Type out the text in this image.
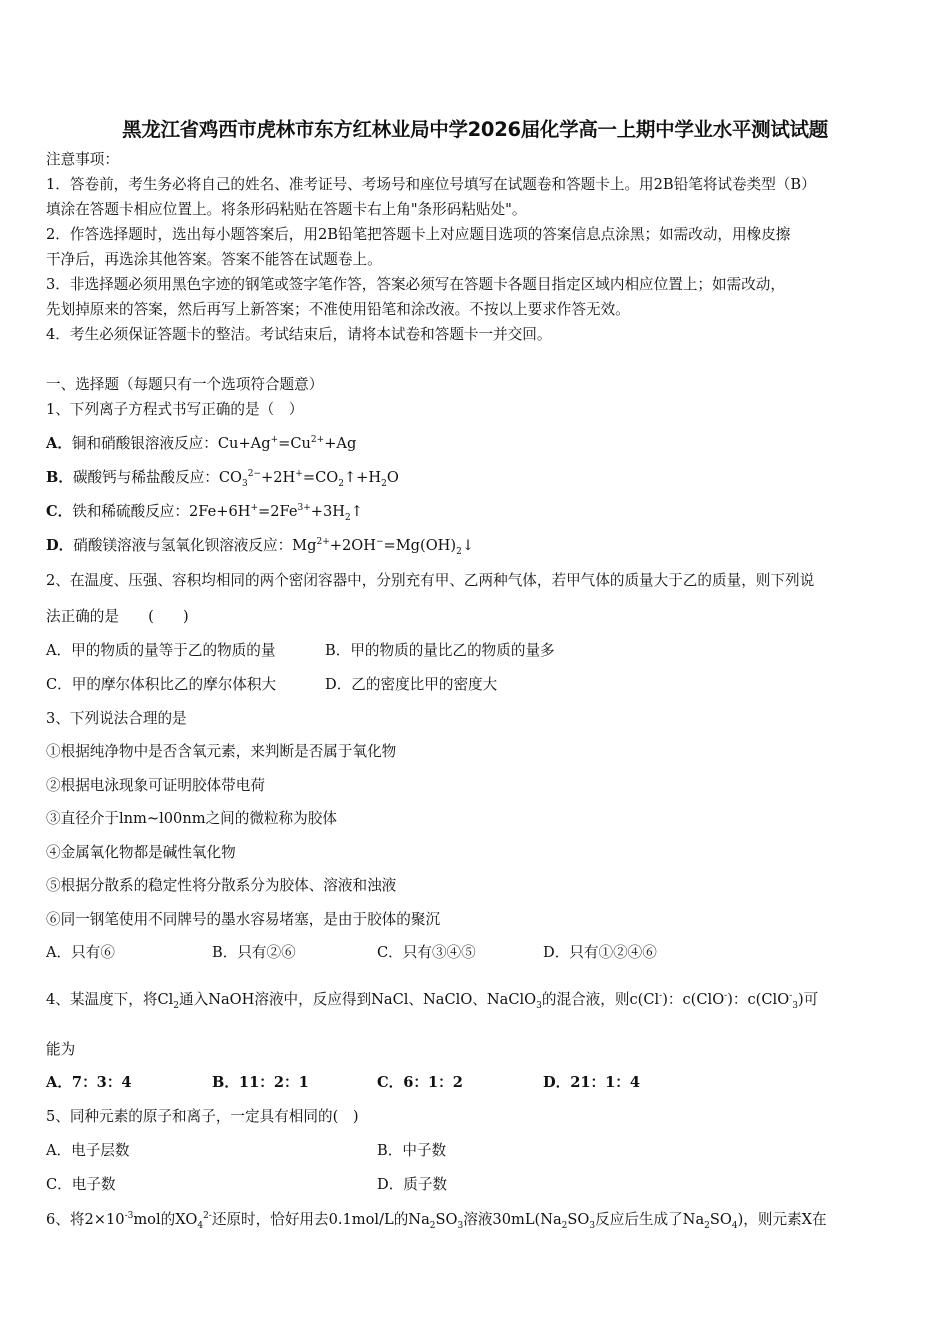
黑龙江省鸡西市虎林市东方红林业局中学2026届化学高一上期中学业水平测试试题
注意事项：
1．答卷前，考生务必将自己的姓名、准考证号、考场号和座位号填写在试题卷和答题卡上。用2B铅笔将试卷类型（B）
填涂在答题卡相应位置上。将条形码粘贴在答题卡右上角"条形码粘贴处"。
2．作答选择题时，选出每小题答案后，用2B铅笔把答题卡上对应题目选项的答案信息点涂黑；如需改动，用橡皮擦
干净后，再选涂其他答案。答案不能答在试题卷上。
3．非选择题必须用黑色字迹的钢笔或签字笔作答，答案必须写在答题卡各题目指定区域内相应位置上；如需改动，
先划掉原来的答案，然后再写上新答案；不准使用铅笔和涂改液。不按以上要求作答无效。
4．考生必须保证答题卡的整洁。考试结束后，请将本试卷和答题卡一并交回。
一、选择题（每题只有一个选项符合题意）
1、下列离子方程式书写正确的是（　）
A．铜和硝酸银溶液反应：$Cu+Ag^+=Cu^{2+}+Ag$
B．碳酸钙与稀盐酸反应：$CO_3^{2-}+2H^+=CO_2↑+H_2O$
C．铁和稀硫酸反应：$2Fe+6H^+=2Fe^{3+}+3H_2↑$
D．硝酸镁溶液与氢氧化钡溶液反应：$Mg^{2+}+2OH^-=Mg(OH)_2↓$
2、在温度、压强、容积均相同的两个密闭容器中，分别充有甲、乙两种气体，若甲气体的质量大于乙的质量，则下列说
法正确的是　　(　　)
A．甲的物质的量等于乙的物质的量	B．甲的物质的量比乙的物质的量多
C．甲的摩尔体积比乙的摩尔体积大	D．乙的密度比甲的密度大
3、下列说法合理的是
①根据纯净物中是否含氧元素，来判断是否属于氧化物
②根据电泳现象可证明胶体带电荷
③直径介于lnm~l00nm之间的微粒称为胶体
④金属氧化物都是碱性氧化物
⑤根据分散系的稳定性将分散系分为胶体、溶液和浊液
⑥同一钢笔使用不同牌号的墨水容易堵塞，是由于胶体的聚沉
A．只有⑥	B．只有②⑥	C．只有③④⑤	D．只有①②④⑥
4、某温度下，将$Cl_2$通入NaOH溶液中，反应得到NaCl、NaClO、NaClO$_3$的混合液，则c(Cl-)：c(ClO-)：c(ClO-$_3$)可
能为
A．7：3：4	B．11：2：1	C．6：1：2	D．21：1：4
5、同种元素的原子和离子，一定具有相同的(　)
A．电子层数	B．中子数
C．电子数	D．质子数
6、将$2\times 10^{-3}mol$的$XO_4^{2-}$还原时，恰好用去0.1mol/L的$Na_2SO_3$溶液$30mL(Na_2SO_3$反应后生成了$Na_2SO_4$)，则元素X在
